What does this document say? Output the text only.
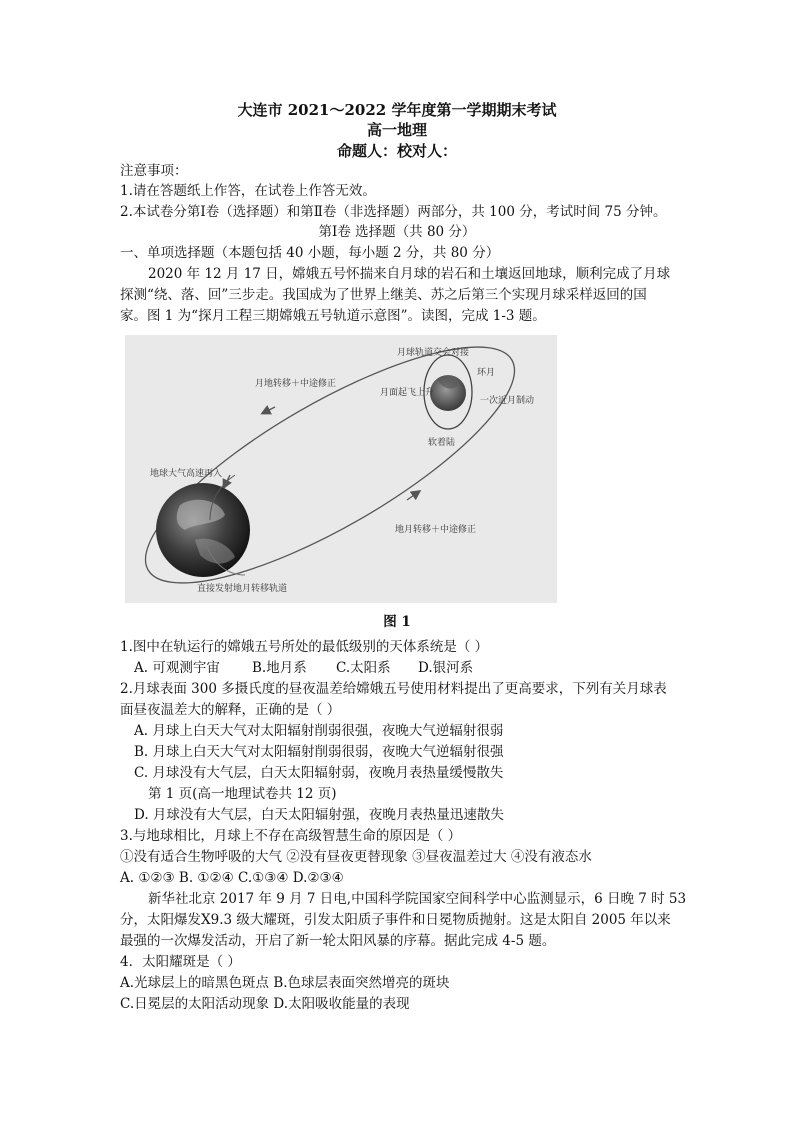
大连市 2021～2022 学年度第一学期期末考试
高一地理
命题人：校对人：
注意事项：
1.请在答题纸上作答，在试卷上作答无效。
2.本试卷分第Ⅰ卷（选择题）和第Ⅱ卷（非选择题）两部分，共 100 分，考试时间 75 分钟。
第Ⅰ卷 选择题（共 80 分）
一、单项选择题（本题包括 40 小题，每小题 2 分，共 80 分）
2020 年 12 月 17 日，嫦娥五号怀揣来自月球的岩石和土壤返回地球，顺利完成了月球
探测“绕、落、回”三步走。我国成为了世界上继美、苏之后第三个实现月球采样返回的国
家。图 1 为“探月工程三期嫦娥五号轨道示意图”。读图，完成 1-3 题。
月球轨道交会对接
月地转移＋中途修正
月面起飞上升
环月
一次近月制动
软着陆
地球大气高速再入
地月转移＋中途修正
直接发射地月转移轨道
图 1
1.图中在轨运行的嫦娥五号所处的最低级别的天体系统是（ ）
A. 可观测宇宙 B.地月系 C.太阳系 D.银河系
2.月球表面 300 多摄氏度的昼夜温差给嫦娥五号使用材料提出了更高要求，下列有关月球表
面昼夜温差大的解释，正确的是（ ）
A. 月球上白天大气对太阳辐射削弱很强，夜晚大气逆辐射很弱
B. 月球上白天大气对太阳辐射削弱很弱，夜晚大气逆辐射很强
C. 月球没有大气层，白天太阳辐射弱，夜晚月表热量缓慢散失
第 1 页(高一地理试卷共 12 页)
D. 月球没有大气层，白天太阳辐射强，夜晚月表热量迅速散失
3.与地球相比，月球上不存在高级智慧生命的原因是（ ）
①没有适合生物呼吸的大气 ②没有昼夜更替现象 ③昼夜温差过大 ④没有液态水
A. ①②③ B. ①②④ C.①③④ D.②③④
新华社北京 2017 年 9 月 7 日电,中国科学院国家空间科学中心监测显示，6 日晚 7 时 53
分，太阳爆发X9.3 级大耀斑，引发太阳质子事件和日冕物质抛射。这是太阳自 2005 年以来
最强的一次爆发活动，开启了新一轮太阳风暴的序幕。据此完成 4-5 题。
4．太阳耀斑是（ ）
A.光球层上的暗黑色斑点 B.色球层表面突然增亮的斑块
C.日冕层的太阳活动现象 D.太阳吸收能量的表现
